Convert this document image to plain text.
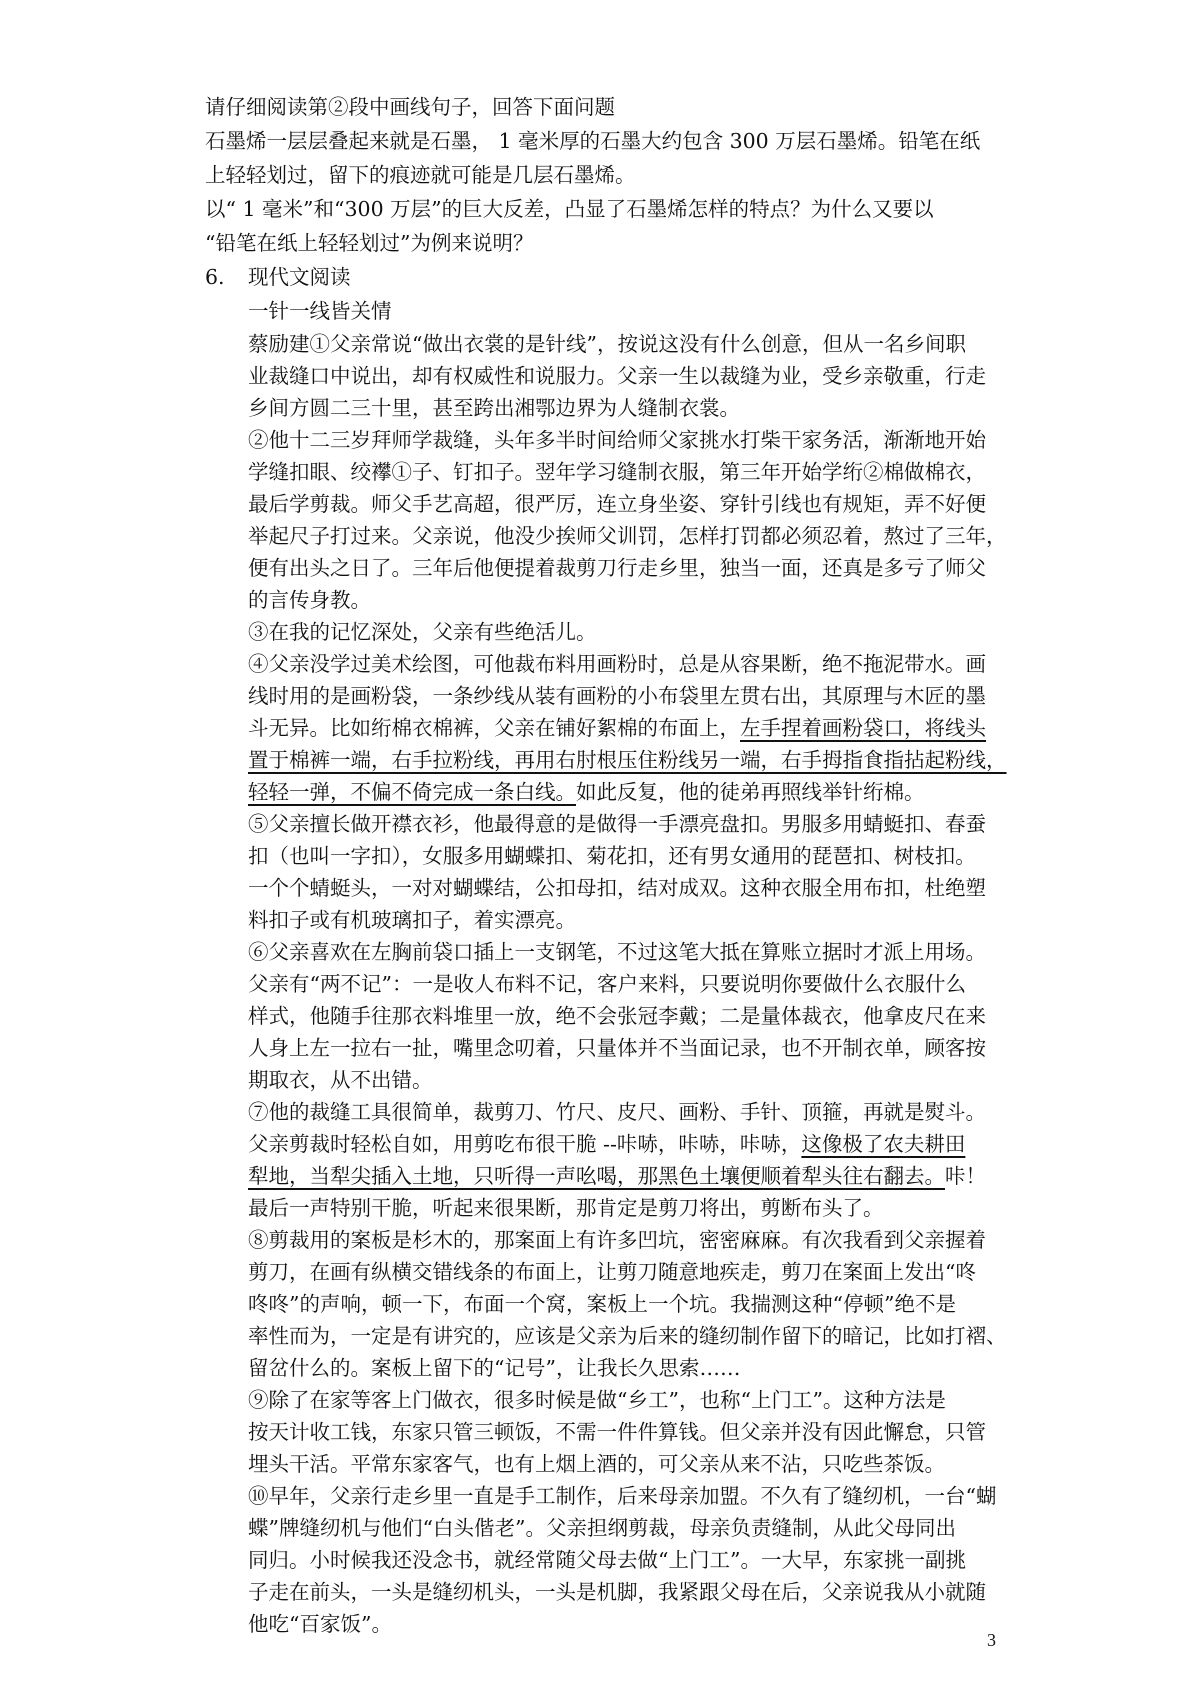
请仔细阅读第②段中画线句子，回答下面问题
石墨烯一层层叠起来就是石墨， 1 毫米厚的石墨大约包含 300 万层石墨烯。铅笔在纸
上轻轻划过，留下的痕迹就可能是几层石墨烯。
以“ 1 毫米”和“300 万层”的巨大反差，凸显了石墨烯怎样的特点？为什么又要以
“铅笔在纸上轻轻划过”为例来说明？
6. 现代文阅读
一针一线皆关情
蔡励建①父亲常说“做出衣裳的是针线”，按说这没有什么创意，但从一名乡间职
业裁缝口中说出，却有权威性和说服力。父亲一生以裁缝为业，受乡亲敬重，行走
乡间方圆二三十里，甚至跨出湘鄂边界为人缝制衣裳。
②他十二三岁拜师学裁缝，头年多半时间给师父家挑水打柴干家务活，渐渐地开始
学缝扣眼、绞襻①子、钉扣子。翌年学习缝制衣服，第三年开始学绗②棉做棉衣，
最后学剪裁。师父手艺高超，很严厉，连立身坐姿、穿针引线也有规矩，弄不好便
举起尺子打过来。父亲说，他没少挨师父训罚，怎样打罚都必须忍着，熬过了三年，
便有出头之日了。三年后他便提着裁剪刀行走乡里，独当一面，还真是多亏了师父
的言传身教。
③在我的记忆深处，父亲有些绝活儿。
④父亲没学过美术绘图，可他裁布料用画粉时，总是从容果断，绝不拖泥带水。画
线时用的是画粉袋，一条纱线从装有画粉的小布袋里左贯右出，其原理与木匠的墨
斗无异。比如绗棉衣棉裤，父亲在铺好絮棉的布面上，左手捏着画粉袋口，将线头
置于棉裤一端，右手拉粉线，再用右肘根压住粉线另一端，右手拇指食指拈起粉线，
轻轻一弹，不偏不倚完成一条白线。如此反复，他的徒弟再照线举针绗棉。
⑤父亲擅长做开襟衣衫，他最得意的是做得一手漂亮盘扣。男服多用蜻蜓扣、春蚕
扣（也叫一字扣），女服多用蝴蝶扣、菊花扣，还有男女通用的琵琶扣、树枝扣。
一个个蜻蜓头，一对对蝴蝶结，公扣母扣，结对成双。这种衣服全用布扣，杜绝塑
料扣子或有机玻璃扣子，着实漂亮。
⑥父亲喜欢在左胸前袋口插上一支钢笔，不过这笔大抵在算账立据时才派上用场。
父亲有“两不记”：一是收人布料不记，客户来料，只要说明你要做什么衣服什么
样式，他随手往那衣料堆里一放，绝不会张冠李戴；二是量体裁衣，他拿皮尺在来
人身上左一拉右一扯，嘴里念叨着，只量体并不当面记录，也不开制衣单，顾客按
期取衣，从不出错。
⑦他的裁缝工具很简单，裁剪刀、竹尺、皮尺、画粉、手针、顶箍，再就是熨斗。
父亲剪裁时轻松自如，用剪吃布很干脆 --咔哧，咔哧，咔哧，这像极了农夫耕田
犁地，当犁尖插入土地，只听得一声吆喝，那黑色土壤便顺着犁头往右翻去。咔！
最后一声特别干脆，听起来很果断，那肯定是剪刀将出，剪断布头了。
⑧剪裁用的案板是杉木的，那案面上有许多凹坑，密密麻麻。有次我看到父亲握着
剪刀，在画有纵横交错线条的布面上，让剪刀随意地疾走，剪刀在案面上发出“咚
咚咚”的声响，顿一下，布面一个窝，案板上一个坑。我揣测这种“停顿”绝不是
率性而为，一定是有讲究的，应该是父亲为后来的缝纫制作留下的暗记，比如打褶、
留岔什么的。案板上留下的“记号”，让我长久思索……
⑨除了在家等客上门做衣，很多时候是做“乡工”，也称“上门工”。这种方法是
按天计收工钱，东家只管三顿饭，不需一件件算钱。但父亲并没有因此懈怠，只管
埋头干活。平常东家客气，也有上烟上酒的，可父亲从来不沾，只吃些茶饭。
⑩早年，父亲行走乡里一直是手工制作，后来母亲加盟。不久有了缝纫机，一台“蝴
蝶”牌缝纫机与他们“白头偕老”。父亲担纲剪裁，母亲负责缝制，从此父母同出
同归。小时候我还没念书，就经常随父母去做“上门工”。一大早，东家挑一副挑
子走在前头，一头是缝纫机头，一头是机脚，我紧跟父母在后，父亲说我从小就随
他吃“百家饭”。
3
